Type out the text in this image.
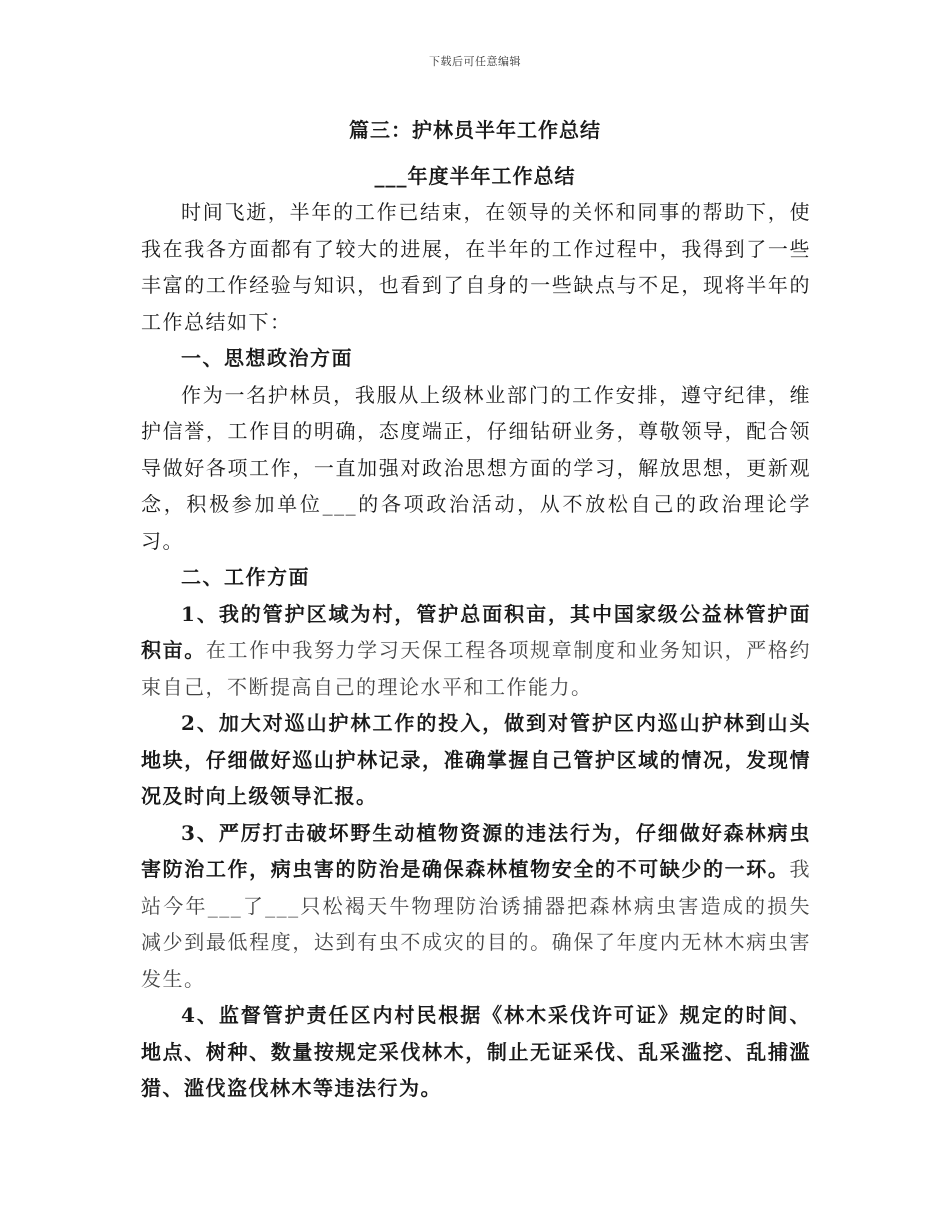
下载后可任意编辑
篇三：护林员半年工作总结
___年度半年工作总结

时间飞逝，半年的工作已结束，在领导的关怀和同事的帮助下，使我在我各方面都有了较大的进展，在半年的工作过程中，我得到了一些丰富的工作经验与知识，也看到了自身的一些缺点与不足，现将半年的工作总结如下：

一、思想政治方面

作为一名护林员，我服从上级林业部门的工作安排，遵守纪律，维护信誉，工作目的明确，态度端正，仔细钻研业务，尊敬领导，配合领导做好各项工作，一直加强对政治思想方面的学习，解放思想，更新观念，积极参加单位___的各项政治活动，从不放松自己的政治理论学习。

二、工作方面

1、我的管护区域为村，管护总面积亩，其中国家级公益林管护面积亩。在工作中我努力学习天保工程各项规章制度和业务知识，严格约束自己，不断提高自己的理论水平和工作能力。

2、加大对巡山护林工作的投入，做到对管护区内巡山护林到山头地块，仔细做好巡山护林记录，准确掌握自己管护区域的情况，发现情况及时向上级领导汇报。

3、严厉打击破坏野生动植物资源的违法行为，仔细做好森林病虫害防治工作，病虫害的防治是确保森林植物安全的不可缺少的一环。我站今年___了___只松褐天牛物理防治诱捕器把森林病虫害造成的损失减少到最低程度，达到有虫不成灾的目的。确保了年度内无林木病虫害发生。

4、监督管护责任区内村民根据《林木采伐许可证》规定的时间、地点、树种、数量按规定采伐林木，制止无证采伐、乱采滥挖、乱捕滥猎、滥伐盗伐林木等违法行为。
